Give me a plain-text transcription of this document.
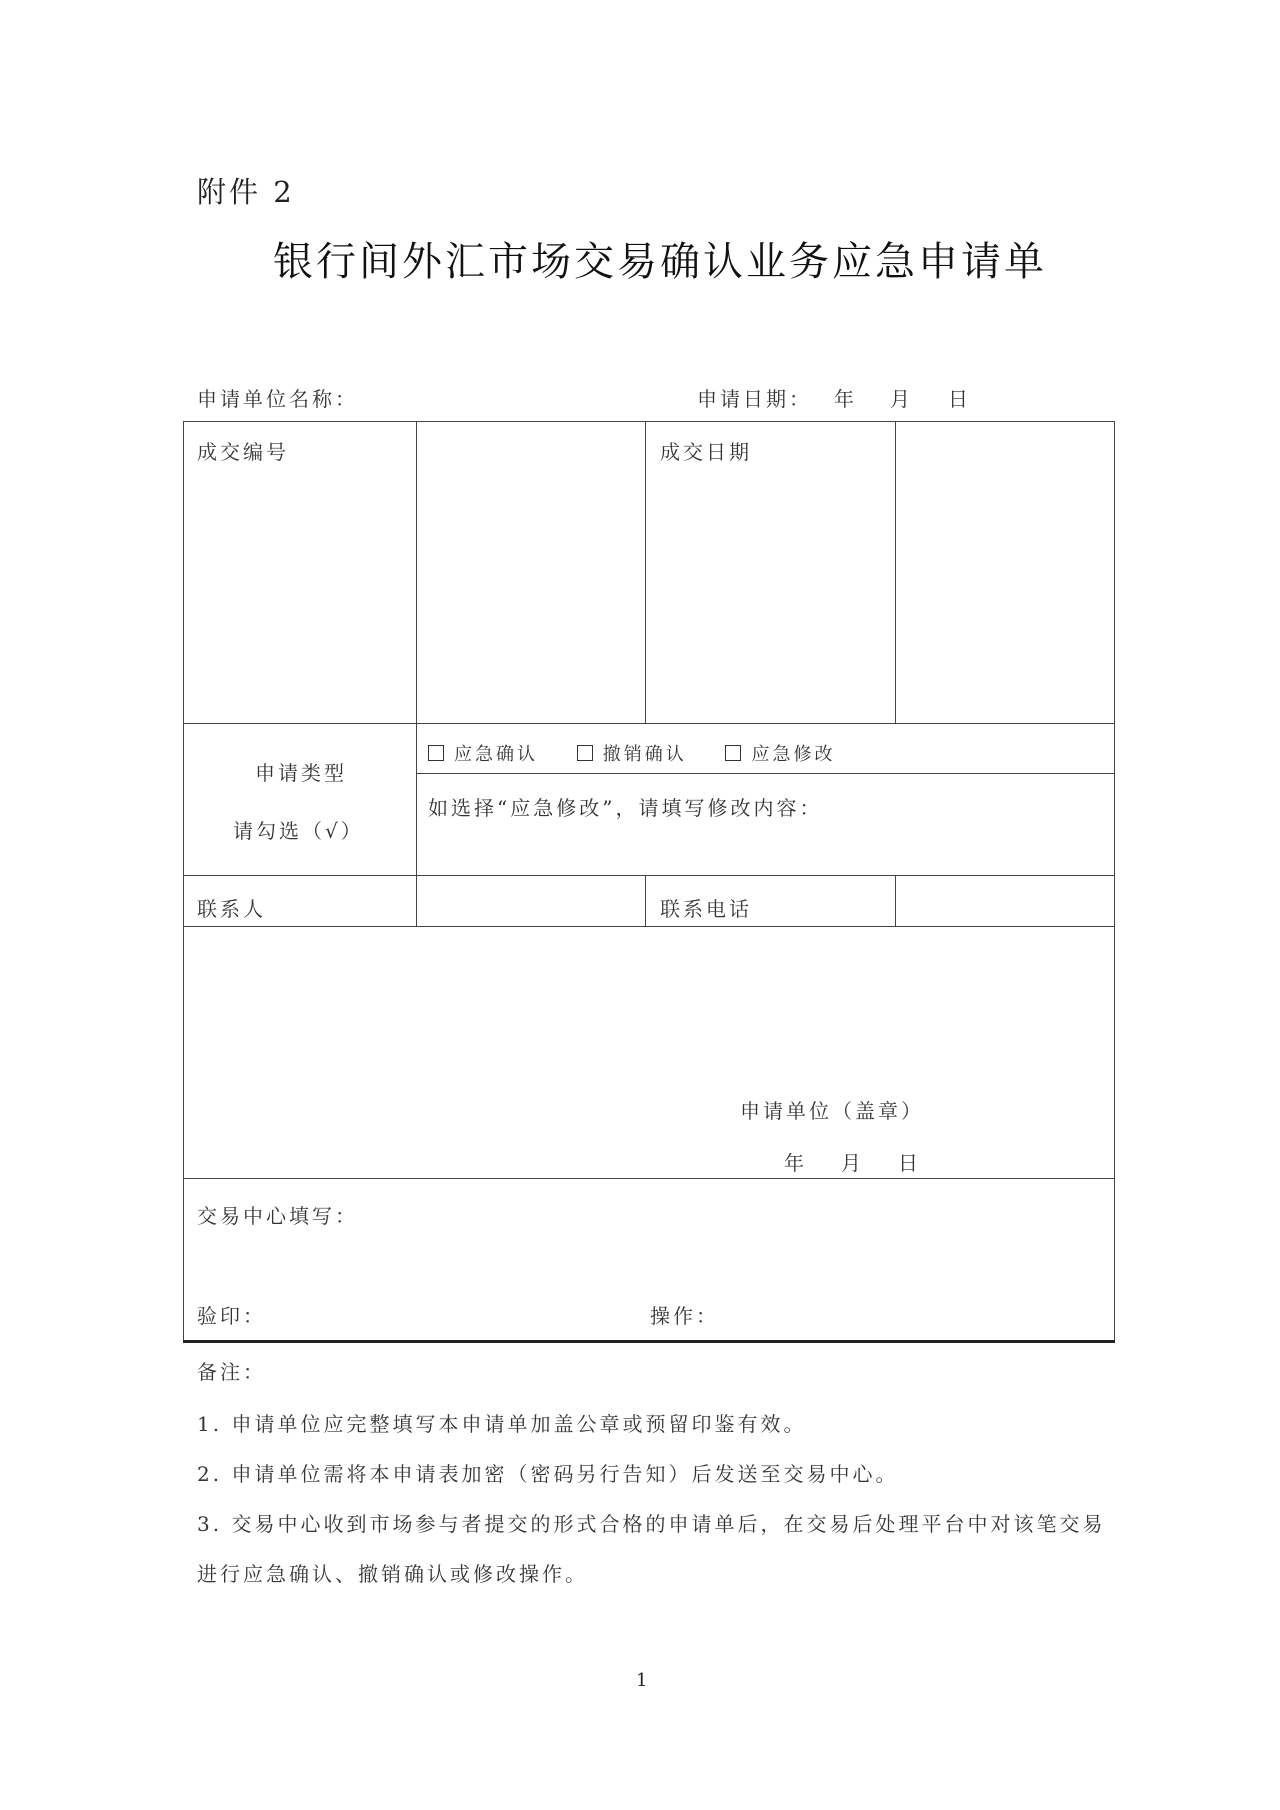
附件 2
银行间外汇市场交易确认业务应急申请单
申请单位名称：	申请日期： 年 月 日
成交编号	成交日期
申请类型
请勾选（√）
应急确认	撤销确认	应急修改
如选择“应急修改”，请填写修改内容：
联系人	联系电话
申请单位（盖章）
年 月 日
交易中心填写：
验印：	操作：
备注：
1. 申请单位应完整填写本申请单加盖公章或预留印鉴有效。
2. 申请单位需将本申请表加密（密码另行告知）后发送至交易中心。
3. 交易中心收到市场参与者提交的形式合格的申请单后，在交易后处理平台中对该笔交易
进行应急确认、撤销确认或修改操作。
1
